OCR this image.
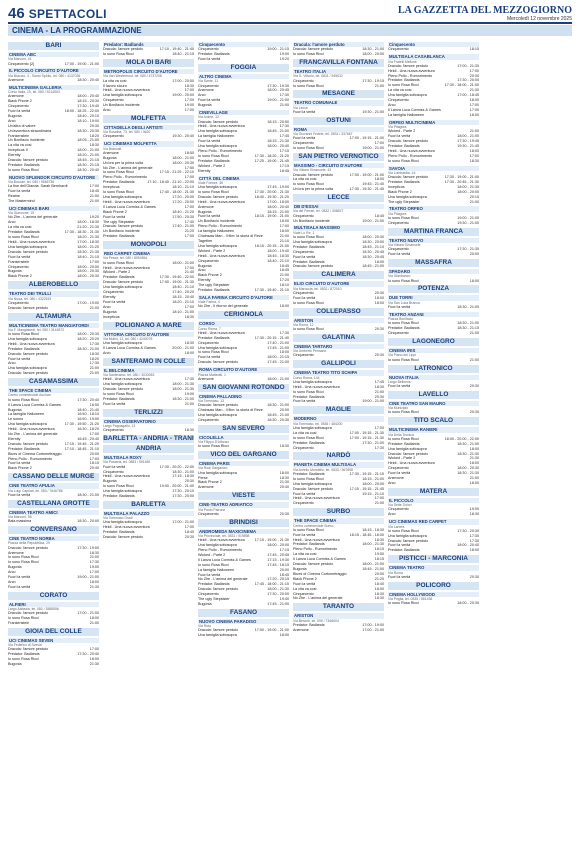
46 SPETTACOLI	LA GAZZETTA DEL MEZZOGIORNO
Mercoledì 12 novembre 2025
CINEMA - LA PROGRAMMAZIONE
BARI
CINEMA ABC
Via Marconi, 41
Cinquecento (2)	17:00 - 19:00 - 21:00
IL PICCOLO CIRCUITO D'AUTORE
Via Braccio, 4 - Santo Spirito, tel. 080 / 4137036
Anemone	18:30 - 20:40
MULTICINEMA GALLERIA
Corso Italia, 15, tel. 080 / 5214563
Anemone	18:00 - 20:40
Black Phone 2	18:15 - 20:30
Cinquecento	17:30 - 19:40
Fuori la verità	18:00 - 18:25 - 22:00
Bugonia	18:40 - 20:10
Arco	18:10 - 19:00
Un'altra di valore	20:30
Un'avventura straordinaria	18:30 - 20:30
Frankenstein	18:20
Un Bonifacio incidente	18:05 - 21:00
La vita va così	18:30
Incepticus II	18:00 - 21:00
Eternity	18:20 - 21:00
Dracula: l'amore perduto	18:45 - 21:15
Predator: Badlands	18:30 - 21:15
Io sono Rosa Ricci	18:30 - 20:40
NUOVO SPLENDOR CIRCUITO D'AUTORE
Via Buccari, tel. 080 / 5566736
La fine dell'Olanda: Sarah Bernhardt	17:00
Fuori la verità	18:45
Reame	21:00
The Mastermind	21:00
UCI CINEMAS BARI
Via Giannone, 15
No Zhe - L'anima del generale	19:20
Arco	18:00 - 18:30
La vita va così	21:20 - 21:30
Predator: Badlands	17:30 - 18:30 - 21:30
Io sono Rosa Ricci	18:20 - 21:30
Heidi - Una nuova avventura	17:00 - 18:30
Una famiglia sottosopra	18:00 - 21:20
Dracula: l'amore perduto	18:30 - 21:30
Fuori la verità	18:40 - 21:15
Frankenstein	17:00
Cinquecento	18:00 - 20:00
Bugonia	18:00 - 20:30
Black Phone 2	18:00 - 20:30
ALBEROBELLO
TEATRO DEI TRULLI
Via Nizza, tel. 080 / 4322519
Cinquecento	17:00 - 19:00
Dracula: l'amore perduto	21:00
ALTAMURA
MULTICINEMA TEATRO MANGIATORDI
Via F. Mangiatordi, tel. 080 / 3146572
Io sono Rosa Ricci	18:00 - 20:30
Una famiglia sottosopra	18:20 - 20:20
Heidi - Una nuova avventura	17:30
Predator: Badlands	18:30 - 21:00
Dracula: l'amore perduto	18:30
Fuori la verità	18:20
Arco	17:30
Una famiglia sottosopra	21:00
Dracula: l'amore perduto	21:00
CASAMASSIMA
THE SPACE CINEMA
Centro commerciale Auchan
Io sono Rosa Ricci	17:30 - 20:40
Il Lanza Luca Cormiss & Games	16:50
Bugonia	18:40 - 21:40
La famiglia Halloween	16:50 - 18:10
Le sonno	16:50 - 19:00
Una famiglia sottosopra	17:30 - 19:50 - 21:20
Heidi - Una nuova avventura	16:30 - 18:20
No Zhe - L'anima del generale	17:00
Eternity	16:45 - 20:40
Dracula: l'amore perduto	17:15 - 19:45 - 21:20
Predator: Badlands	17:10 - 18:45 - 21:10
Blues of Cinema Cortometraggio	20:00
Pleno Pollo - Rumorimento	17:00
Fuori la verità	18:15
Black Phone 2	20:40
CASSANO DELLE MURGE
CINE TEATRO APULIA
Via Luigi Capriati, tel. 080 / 7646786
Fuori la verità	18:30 - 21:00
CASTELLANA GROTTE
CINEMA TEATRO AMICI
Via Marconi, 98
Bala massima	18:30 - 20:00
CONVERSANO
CINE TEATRO NORBA
Piazza della Repubblica, 29
Dracula: l'amore perduto	17:30 - 19:00
Anemone	18:30
Io sono Rosa Ricci	21:00
Io sono Rosa Ricci	17:30
Bugonia	19:00
Arco	17:00
Fuori la verità	19:00 - 21:00
Arco	18:00
Fuori la verità	21:30
CORATO
ALFIERI
Largo Abbazia, tel. 080 / 3588556
Dracula: l'amore perduto	17:00 - 21:00
Io sono Rosa Ricci	18:00
Frankenstein	21:00
GIOIA DEL COLLE
UCI CINEMAS SEVEN
Via Federico di Svevia
Dracula: l'amore perduto	17:00
Predator: Badlands	17:30 - 20:40
Io sono Rosa Ricci	18:00
Bugonia	21:30
Predator: Badlands
Dracula: l'amore perduto	17:10 - 19:40 - 21:40
Io sono Rosa Ricci	18:40 - 21:15
MOLA DI BARI
METROPOLIS CIRCUITO D'AUTORE
Via Van Westerhout, tel. 080 / 4737208
La vita va così	17:00 - 20:50
Il lavoro sicuro	18:30
Heidi - Una nuova avventura	17:00
Una famiglia sottosopra	19:00 - 20:00
Cinquecento	17:00
Un Bonifacio incidente	19:00
Arco	17:00
MOLFETTA
CITTADELLA DEGLI ARTISTI
Via Rosalba, 73, tel. 080 / 3620
Cinquecento	19:30 - 20:40
UCI CINEMAS MOLFETTA
Via Brancati
Anemone	18:50
Bugonia	18:00 - 21:00
Un'ora per la prima volta	18:00 - 20:30
No Zhe - L'anima del generale	17:50
Io sono Rosa Ricci	17:15 - 21:29 - 22:10
Pleno Pollo - Rumorimento	17:00
Predator: Badlands	17:10 - 18:40 - 21:10 - 22:00
Incepticus	18:10 - 21:10
Io sono Rosa Ricci	17:40 - 18:00 - 21:30
Una famiglia sottosopra	17:20 - 20:00
Heidi - Una nuova avventura	17:20 - 20:00
Il Lanza Luca Cormiss & Games	17:00
Black Phone 2	18:40 - 21:20
Fuori la verità	17:50 - 20:30
The ugly Stepsister	17:40
Dracula: l'amore perduto	17:40 - 21:00
Un Bonifacio incidente	21:20
Predator: Badlands	17:00
MONOPOLI
RED CARPET CINEMA
Via Pesce, tel. 080 / 8054554
Io sono Rosa Ricci	18:00 - 21:00
Heidi - Una nuova avventura	17:00
Wicked - Parte 2	21:40
Predator: Badlands	17:30 - 19:40 - 22:00
Dracula: l'amore perduto	17:00 - 19:00 - 21:30
Una famiglia sottosopra	18:40 - 21:10
Cinquecento	17:40 - 20:20
Eternity	18:15 - 20:40
Fuori la verità	18:20 - 21:10
Arco	17:00
Bugonia	18:10 - 21:00
Incepticus	18:30
POLIGNANO A MARE
VITTORIA CIRCUITO D'AUTORE
Via Mulini, 12, tel. 080 / 4240078
Una famiglia sottosopra	18:30
Il Lanza Luca Cormiss & Games	20:00 - 21:00
Arco	18:00
SANTERAMO IN COLLE
IL BELCINEMA
Via Santeramo, tel. 080 / 3033063
Heidi - Una nuova avventura	17:30
Una famiglia sottosopra	18:00 - 21:30
Dracula: l'amore perduto	18:00 - 21:30
Io sono Rosa Ricci	19:00
Predator: Badlands	18:30 - 21:00
Fuori la verità	21:00
TERLIZZI
CINEMA OSSERVATORIO
Largo Pappagallo, 13
Cinquecento	18:30
BARLETTA - ANDRIA - TRANI
ANDRIA
MULTISALA ROXY
Via Pusterla, tel. 0883 / 591450
Fuori la verità	17:30 - 20:20 - 22:00
Cinquecento	18:30 - 21:00
Heidi - Una nuova avventura	17:15 - 18:30
Bugonia	20:30
Io sono Rosa Ricci	19:00 - 20:00 - 21:00
Una famiglia sottosopra	17:30 - 20:10
Predator: Badlands	17:30 - 20:00
BARLETTA
MULTISALA PALAZZO
Via Tommaso Gradi
Una famiglia sottosopra	17:00 - 21:00
Heidi - Una nuova avventura	17:00
Predator: Badlands	18:40
Dracula: l'amore perduto	20:30
Cinquecento
Cinquecento	19:00 - 21:15
Predator: Badlands	19:00
Fuori la verità	19:20
FOGGIA
ALTRO CINEMA
Via Sante, 11
Cinquecento	17:30 - 19:30
Anemone	18:00 - 20:45
Arco	17:30
Fuori la verità	19:00 - 21:00
Bugonia	21:00
CINEVILLAGE
Via Anime, 12
Dracula: l'amore perduto	18:15 - 20:50
Heidi - Una nuova avventura	17:30
Una famiglia sottosopra	18:45 - 21:00
La famiglia Halloween	17:45
Fuori la verità	18:15 - 21:30
Una famiglia sottosopra	18:00 - 20:40
Pleno Pollo - Rumorimento	17:15
Io sono Rosa Ricci	17:30 - 18:20 - 21:20
Predator: Badlands	17:25 - 19:00 - 21:45
Wicked - Parte 2	17:15
Eternity	18:45
CITTÀ DEL CINEMA
Viale Fortore, 36
Una famiglia sottosopra	17:45 - 19:00
Io sono Rosa Ricci	17:30 - 20:00 - 21:30
Dracula: l'amore perduto	18:40 - 19:30 - 21:20
Heidi - Una nuova avventura	17:00 - 18:00
Anemone	18:00 - 20:40
Bugonia	18:15 - 21:00
Fuori la verità	18:15 - 19:00 - 21:00
Un Bonifacio incidente	18:00
Pleno Pollo - Rumorimento	17:00
La famiglia Halloween	18:00
Chainsaw Man - Il film: la storia di Reze	21:00
Tagether	21:10
Una famiglia sottosopra	18:15 - 20:15 - 21:00
Wicked - Parte 2	18:00 - 19:40
Heidi - Una nuova avventura	18:45 - 18:30
Cinquecento	18:40 - 21:10
Bugonia	18:45
Arco	18:45
Black Phone 2	21:00
Eternity	17:20
The ugly Stepsister	18:10
Predator: Badlands	17:30 - 19:40 - 21:10
SALA FARINA CIRCUITO D'AUTORE
Viale Farina, 4
No Zhe - Il ritorno del generale	18:00
CERIGNOLA
CORSO
Corso Roma, 7
Heidi - Una nuova avventura	17:30
Predator: Badlands	17:30 - 20:15 - 21:40
Cinquecento	17:40 - 21:00
Una famiglia sottosopra	17:45 - 21:00
Io sono Rosa Ricci	18:00
Fuori la verità	18:00 - 21:15
Dracula: l'amore perduto	17:45 - 21:00
ROMA CIRCUITO D'AUTORE
Piazza Matteotti, 1
Anemone	18:00 - 21:00
SAN GIOVANNI ROTONDO
CINEMA PALLADINO
Via Tommaso, 13
Dracula: l'amore perduto	18:30 - 21:00
Chainsaw Man - Il film: la storia di Reze	20:00
Una famiglia sottosopra	18:45 - 21:00
Cinquecento	18:30 - 20:30
SAN SEVERO
CICOLELLA
Via Filippo D'Alfonso
Io sono Rosa Ricci	18:30
VICO DEL GARGANO
CINEMA PARIS
Via Rodi Garganico
Una famiglia sottosopra	18:00
Perse	18:30
Black Phone 2	21:30
Anemone	20:40
VIESTE
CINE-TEATRO ADRIATICO
Via Paolo Patrone
Cinquecento	20:30
BRINDISI
ANDROMEDA MAXICINEMA
Via Provinciale, tel. 0831 / 519898
Heidi - Una nuova avventura	17:15 - 19:00 - 21:30
Una famiglia sottosopra	18:00 - 20:00
Pleno Pollo - Rumorimento	17:15
Wicked - Parte 2	17:45 - 20:45
Il Lanza Luca Cormiss & Games	17:15 - 19:30
Io sono Rosa Ricci	17:45 - 18:15
La famiglia Halloween	20:00
Fuori la verità	18:45
No Zhe - L'anima del generale	17:20 - 20:15
Predator: Badlands	17:45 - 18:00 - 21:15
Dracula: l'amore perduto	18:00 - 21:30
Cinquecento	17:30 - 20:00
The ugly Stepsister	19:40
Bugonia	17:45 - 21:00
FASANO
NUOVO CINEMA PARADISO
Via Ruta
Dracula: l'amore perduto	17:00 - 19:00 - 21:00
Una famiglia sottosopra	18:00
Dracula: l'amore perduto
Dracula: l'amore perduto	18:30 - 21:00
Io sono Rosa Ricci	18:00 - 20:00
FRANCAVILLA FONTANA
TEATRO ITALIA
Via G. Vittorio, tel. 0831 / 945632
Cinquecento	17:30 - 19:15
Io sono Rosa Ricci	21:00
MESAGNE
TEATRO COMUNALE
Via Lecce
Fuori la verità	19:30 - 21:00
OSTUNI
ROMA
Via Giovanni Fedele, tel. 0831 / 337667
Fuori la verità	17:00 - 19:15 - 21:00
Cinquecento	17:00
Io sono Rosa Ricci	19:00 - 21:00
SAN PIETRO VERNOTICO
MASSIMO - CIRCUITO D'AUTORE
Via Vittorio Emanuele, 43
Dracula: l'amore perduto	17:00 - 19:00 - 21:00
La vita va così	18:00
Io sono Rosa Ricci	19:45 - 21:40
Un'ora per la prima volta	17:30 - 19:30 - 21:45
LECCE
DB D'ESSAI
Via dei Ferrari, tel. 0832 / 308527
Cinquecento	18:45
Un Bonifacio incidente	19:00 - 21:00
MULTISALA MASSIMO
Viale Lo Re, 1
Io sono Rosa Ricci	18:00 - 20:30
Una famiglia sottosopra	18:30 - 20:00
Predator: Badlands	18:45 - 21:10
Cinquecento	18:30 - 20:45
Fuori la verità	18:30 - 20:45
Predator: Badlands	18:00
Dracula: l'amore perduto	18:45 - 21:00
CALIMERA
ELIO CIRCUITO D'AUTORE
Via Maroccia, tel. 0832 / 872010
Cinquecento	20:30
Fuori la verità	18:00
Io sono Rosa Ricci	18:00
COLLEPASSO
ARISTON
Via Roma, 12
Io sono Rosa Ricci	20:30
GALATINA
CINEMA TARTARO
Via Umberto Pennario
Cinquecento	20:30
GALLIPOLI
CINEMA TEATRO TITO SCHIPA
Corso Roma, 144
Una famiglia sottosopra	17:45
Heidi - Una nuova avventura	18:30
Io sono Rosa Ricci	21:00
Predator: Badlands	20:30
Fuori la verità	19:00 - 21:00
MAGLIE
MODERNO
Via Tommaso, tel. 0836 / 484200
Una famiglia sottosopra	17:00
La vita va così	17:00 - 19:15 - 21:30
Io sono Rosa Ricci	17:00 - 19:15 - 21:30
Predator: Badlands	17:30 - 21:00
Cinquecento	17:30
NARDÒ
PIANETA CINEMA MULTISALA
Via Aurelio Mondello, tel. 0833 / 567898
Predator: Badlands	17:30 - 19:15 - 21:15
Io sono Rosa Ricci	18:15 - 21:00
Una famiglia sottosopra	18:00 - 20:00
Dracula: l'amore perduto	17:15 - 19:15 - 21:45
Fuori la verità	19:15 - 21:10
Heidi - Una nuova avventura	17:00
Cinquecento	21:00
SURBO
THE SPACE CINEMA
Centro commerciale Surbo
Io sono Rosa Ricci	18:15 - 18:30
Fuori la verità	18:15 - 18:45 - 18:00
Heidi - Una nuova avventura	18:30
Predator: Badlands	18:00 - 21:30
Pleno Pollo - Rumorimento	18:15
La vita va così	19:50
Il Lanza Luca Cormiss & Games	18:15
Dracula: l'amore perduto	18:00 - 21:00
Bugonia	18:45 - 21:00
Blues of Cinema Cortometraggio	20:00
Black Phone 2	21:20
Fuori la verità	18:40
La vita va così	18:00
Cinquecento	18:30
No Zhe - L'anima del generale	18:30
TARANTO
ARISTON
Via Berardi, tel. 099 / 7366604
Predator: Badlands	17:00 - 19:00
Anemone	17:00 - 21:00
Cinquecento
Cinquecento	18:15
MULTISALA CASABLANCA
Via Fratelli Mellone
Dracula: l'amore perduto	17:00 - 21:30
Heidi - Una nuova avventura	17:00
Pleno Pollo - Rumorimento	20:30
Predator: Badlands	17:30 - 20:00
Io sono Rosa Ricci	17:30 - 18:00 - 21:00
La vita va così	21:30
Una famiglia sottosopra	17:00 - 18:45
Cinquecento	18:00
Arco	17:00
Il Lanza Luca Cormiss & Games	17:00
La famiglia Halloween	18:00
ORFEO MULTICINEMA
Via Pitagora
Wicked - Parte 2	21:00
Fuori la verità	18:00 - 21:00
Dracula: l'amore perduto	17:30 - 19:45
Predator: Badlands	19:30 - 21:45
Heidi - Una nuova avventura	18:00
Pleno Pollo - Rumorimento	17:00
Io sono Rosa Ricci	18:30
SAVOIA
Via Lombardia, 44
Dracula: l'amore perduto	17:30 - 19:00 - 21:00
Predator: Badlands	17:30 - 20:45 - 21:30
Incepticus	18:00 - 21:30
Black Phone 2	18:00 - 20:00
Una famiglia sottosopra	20:15
The ugly Stepsister	21:00
TEATRO ORFEO
Via Pitagora
Io sono Rosa Ricci	19:00 - 21:00
Cinquecento	19:30 - 21:00
MARTINA FRANCA
TEATRO NUOVO
Via Vittorio Emanuele
Cinquecento	17:30 - 21:30
Fuori la verità	20:00
MASSAFRA
SPADARO
Via Gianfranco
Io sono Rosa Ricci	18:00
POTENZA
DUE TORRI
Via San Luca Branca
Fuori la verità	18:30 - 21:00
TEATRO ANZANI
Piazza Bonifacio
Io sono Rosa Ricci	18:30 - 21:00
Predator: Badlands	18:30 - 21:15
Cinquecento	21:00
LAGONEGRO
CINEMA IRIS
Via Piano dei Lippi
Io sono Rosa Ricci	21:00
LATRONICO
NUOVA ITALIA
Largo Bellonus
Fuori la verità	20:30
LAVELLO
CINE TEATRO SAN MAURO
Via Municipio
Io sono Rosa Ricci	20:30
TITO SCALO
MULTICINEMA RANIERI
Via Della Tecnica
Io sono Rosa Ricci	18:00 - 20:00 - 22:00
Predator: Badlands	18:30 - 21:00
Una famiglia sottosopra	18:00
Dracula: l'amore perduto	18:30 - 21:30
Wicked - Parte 2	21:30
Heidi - Una nuova avventura	18:00
Cinquecento	18:00 - 20:30
Fuori la verità	18:30 - 21:30
Anemone	21:00
Arco	18:00
MATERA
IL PICCOLO
Via Sette Dolori
Cinquecento	19:00
Arco	18:30
UCI CINEMAS RED CARPET
Via Lanera
Io sono Rosa Ricci	17:30 - 20:30
Una famiglia sottosopra	17:30
Dracula: l'amore perduto	17:30
Fuori la verità	18:00 - 20:40
Predator: Badlands	18:00
PISTICCI - MARCONIA
CINEMA TEATRO
Via Roma
Fuori la verità	20:30
POLICORO
CINEMA HOLLYWOOD
Via Puglia, tel. 0835 / 581438
Io sono Rosa Ricci	18:00 - 20:30
